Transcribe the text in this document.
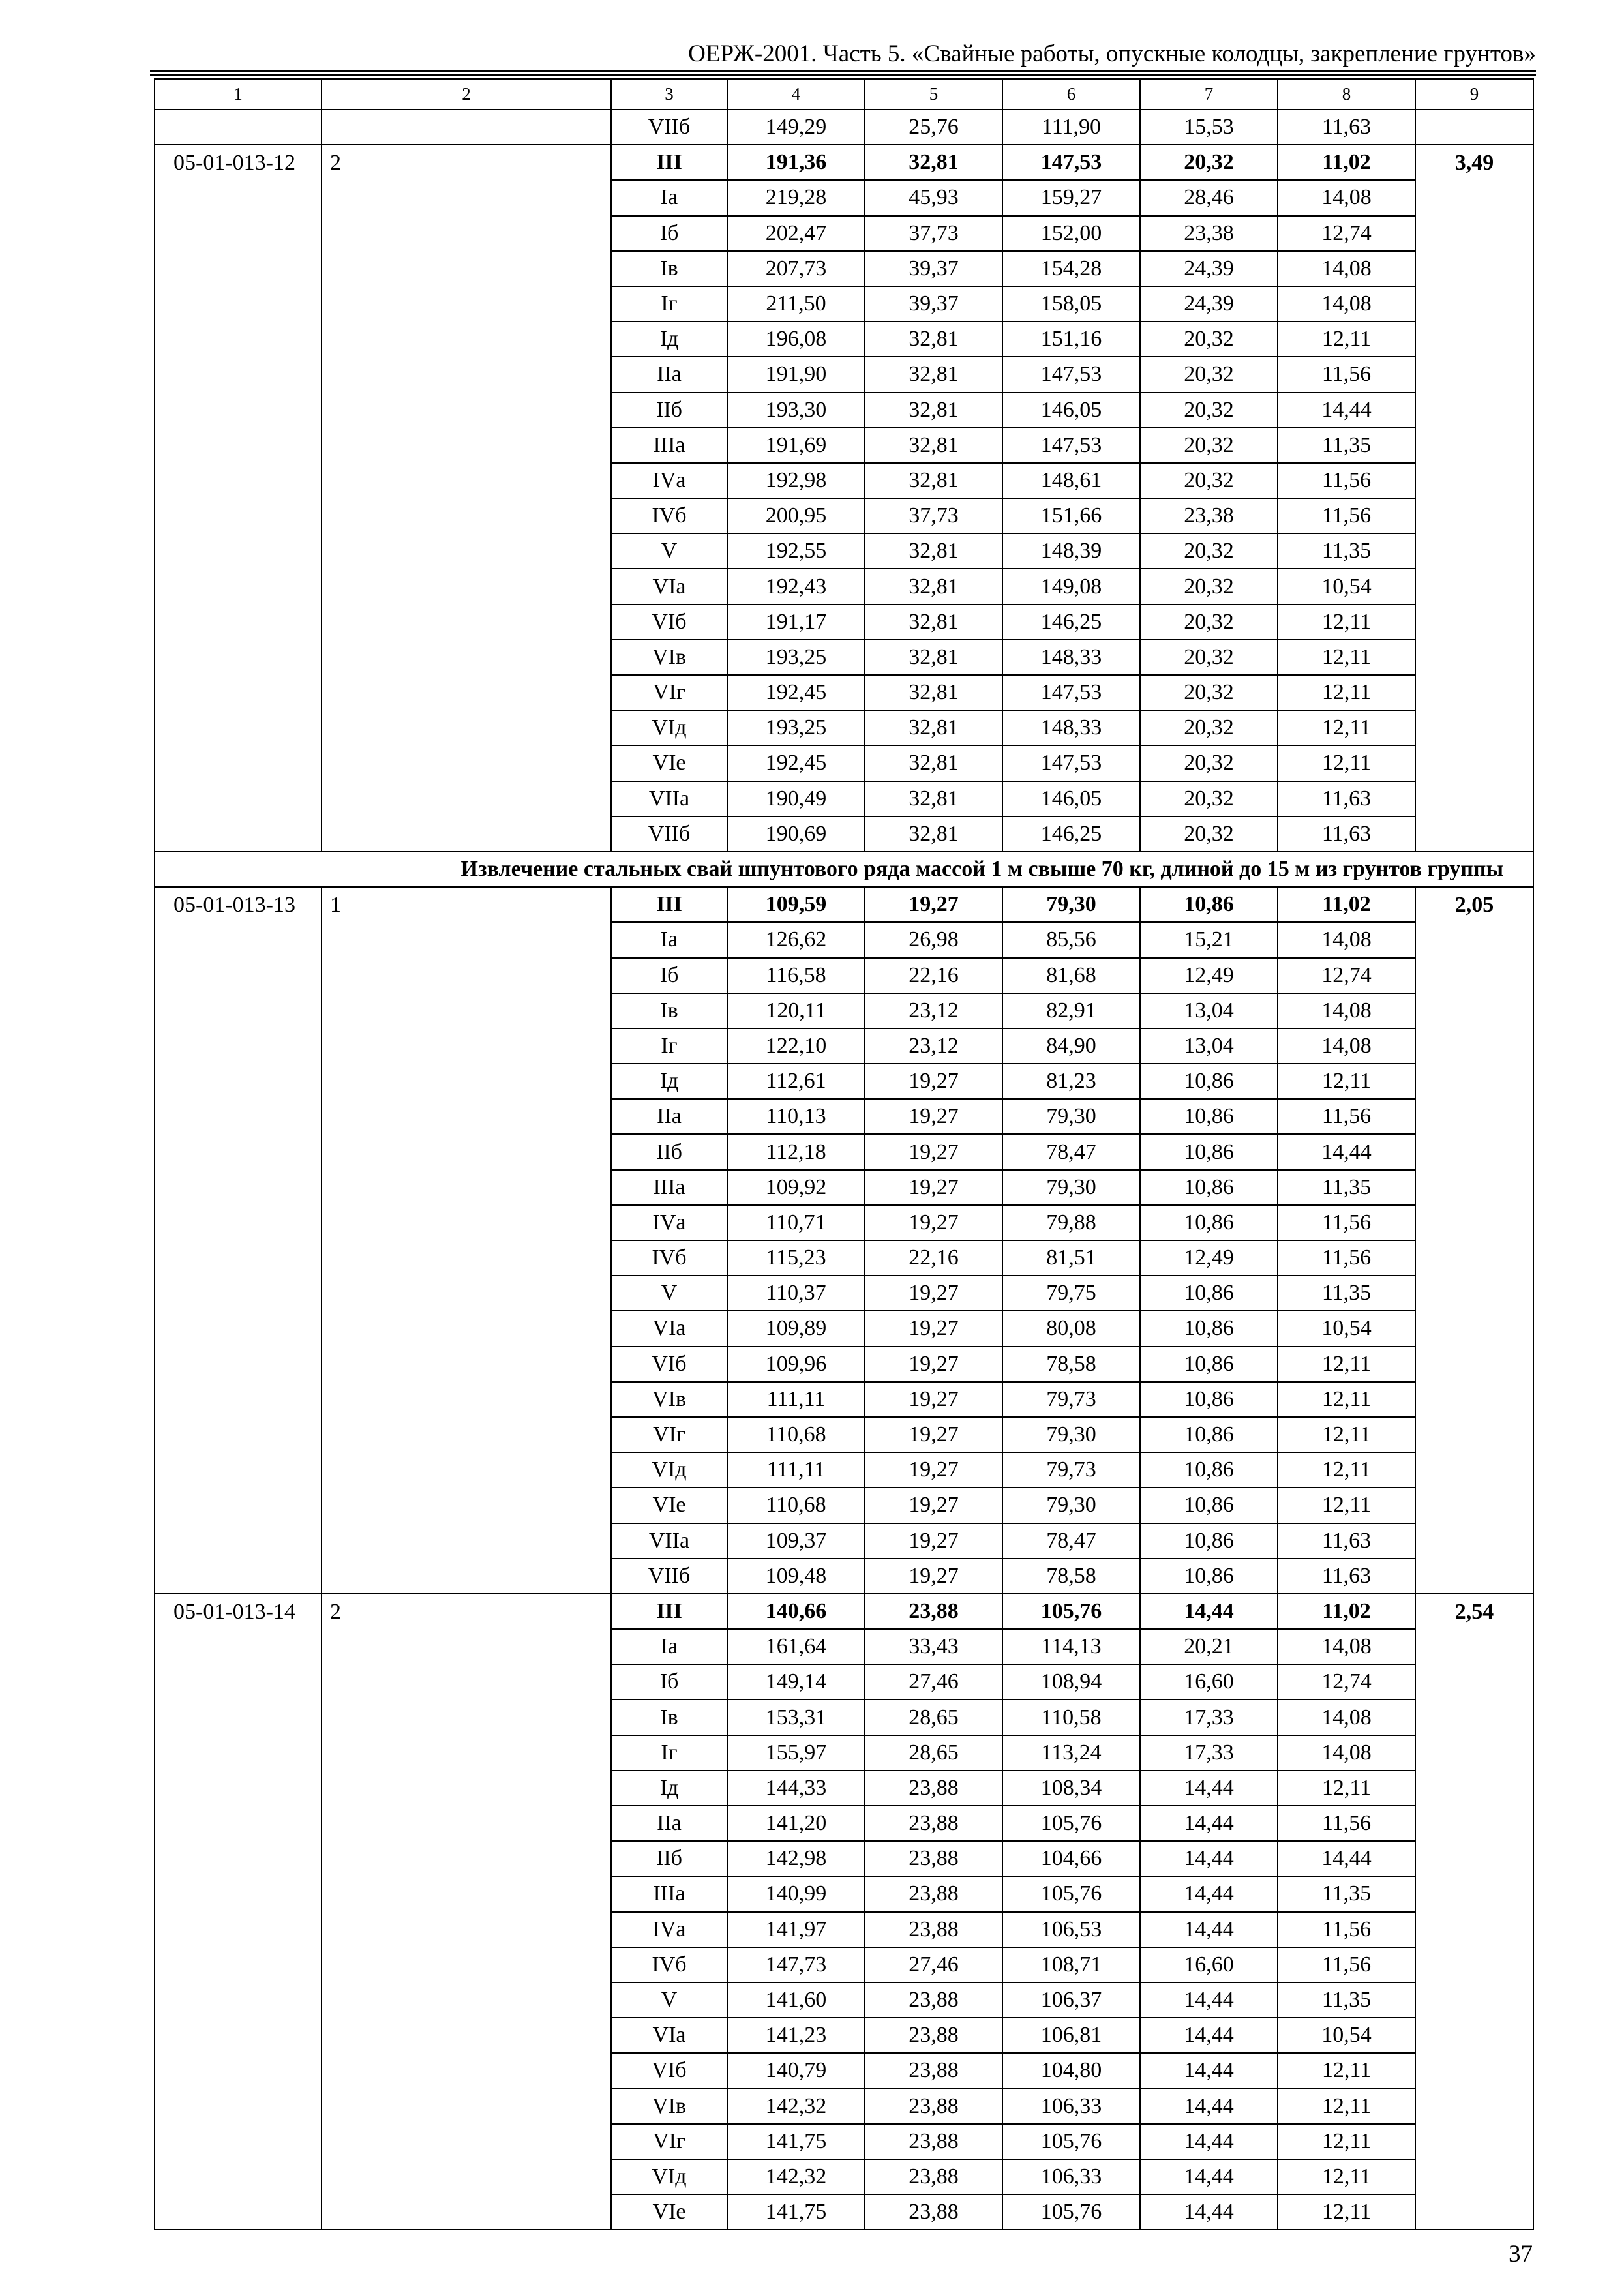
ОЕРЖ-2001. Часть 5. «Свайные работы, опускные колодцы, закрепление грунтов»
1	2	3	4	5	6	7	8	9
		VIIб	149,29	25,76	111,90	15,53	11,63	
05-01-013-12	2	III	191,36	32,81	147,53	20,32	11,02	3,49
		Iа	219,28	45,93	159,27	28,46	14,08	
		Iб	202,47	37,73	152,00	23,38	12,74	
		Iв	207,73	39,37	154,28	24,39	14,08	
		Iг	211,50	39,37	158,05	24,39	14,08	
		Iд	196,08	32,81	151,16	20,32	12,11	
		IIа	191,90	32,81	147,53	20,32	11,56	
		IIб	193,30	32,81	146,05	20,32	14,44	
		IIIа	191,69	32,81	147,53	20,32	11,35	
		IVа	192,98	32,81	148,61	20,32	11,56	
		IVб	200,95	37,73	151,66	23,38	11,56	
		V	192,55	32,81	148,39	20,32	11,35	
		VIа	192,43	32,81	149,08	20,32	10,54	
		VIб	191,17	32,81	146,25	20,32	12,11	
		VIв	193,25	32,81	148,33	20,32	12,11	
		VIг	192,45	32,81	147,53	20,32	12,11	
		VIд	193,25	32,81	148,33	20,32	12,11	
		VIе	192,45	32,81	147,53	20,32	12,11	
		VIIа	190,49	32,81	146,05	20,32	11,63	
		VIIб	190,69	32,81	146,25	20,32	11,63	
Извлечение стальных свай шпунтового ряда массой 1 м свыше 70 кг, длиной до 15 м из грунтов группы								
05-01-013-13	1	III	109,59	19,27	79,30	10,86	11,02	2,05
		Iа	126,62	26,98	85,56	15,21	14,08	
		Iб	116,58	22,16	81,68	12,49	12,74	
		Iв	120,11	23,12	82,91	13,04	14,08	
		Iг	122,10	23,12	84,90	13,04	14,08	
		Iд	112,61	19,27	81,23	10,86	12,11	
		IIа	110,13	19,27	79,30	10,86	11,56	
		IIб	112,18	19,27	78,47	10,86	14,44	
		IIIа	109,92	19,27	79,30	10,86	11,35	
		IVа	110,71	19,27	79,88	10,86	11,56	
		IVб	115,23	22,16	81,51	12,49	11,56	
		V	110,37	19,27	79,75	10,86	11,35	
		VIа	109,89	19,27	80,08	10,86	10,54	
		VIб	109,96	19,27	78,58	10,86	12,11	
		VIв	111,11	19,27	79,73	10,86	12,11	
		VIг	110,68	19,27	79,30	10,86	12,11	
		VIд	111,11	19,27	79,73	10,86	12,11	
		VIе	110,68	19,27	79,30	10,86	12,11	
		VIIа	109,37	19,27	78,47	10,86	11,63	
		VIIб	109,48	19,27	78,58	10,86	11,63	
05-01-013-14	2	III	140,66	23,88	105,76	14,44	11,02	2,54
		Iа	161,64	33,43	114,13	20,21	14,08	
		Iб	149,14	27,46	108,94	16,60	12,74	
		Iв	153,31	28,65	110,58	17,33	14,08	
		Iг	155,97	28,65	113,24	17,33	14,08	
		Iд	144,33	23,88	108,34	14,44	12,11	
		IIа	141,20	23,88	105,76	14,44	11,56	
		IIб	142,98	23,88	104,66	14,44	14,44	
		IIIа	140,99	23,88	105,76	14,44	11,35	
		IVа	141,97	23,88	106,53	14,44	11,56	
		IVб	147,73	27,46	108,71	16,60	11,56	
		V	141,60	23,88	106,37	14,44	11,35	
		VIа	141,23	23,88	106,81	14,44	10,54	
		VIб	140,79	23,88	104,80	14,44	12,11	
		VIв	142,32	23,88	106,33	14,44	12,11	
		VIг	141,75	23,88	105,76	14,44	12,11	
		VIд	142,32	23,88	106,33	14,44	12,11	
		VIе	141,75	23,88	105,76	14,44	12,11	
37
